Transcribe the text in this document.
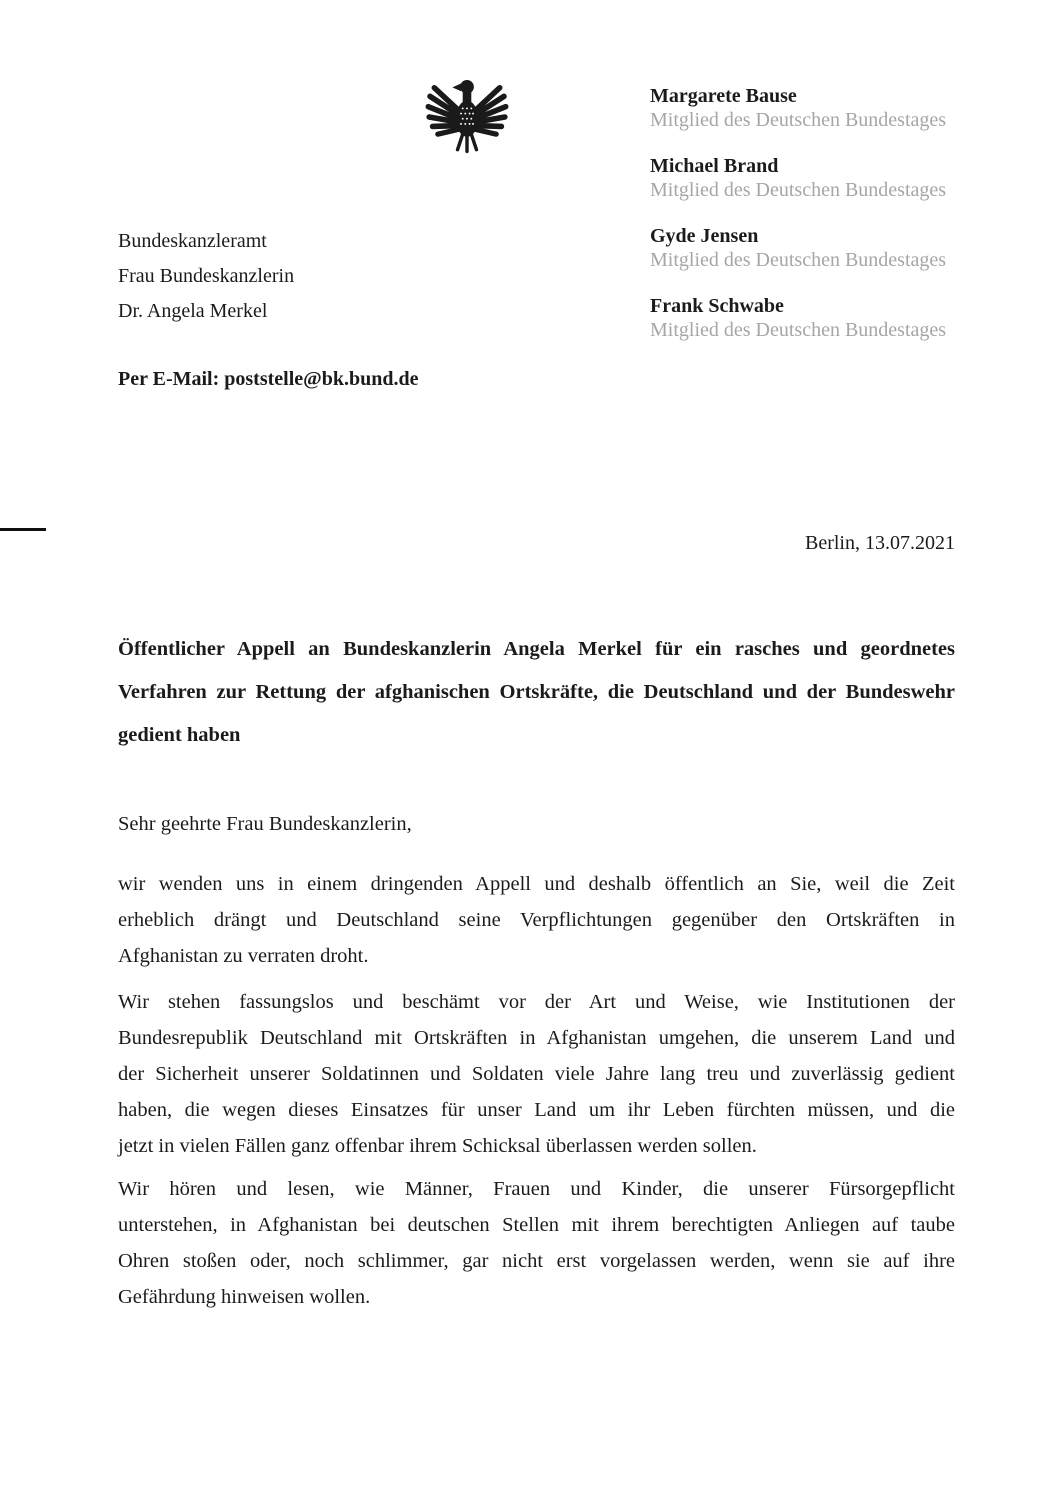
Margarete Bause
Mitglied des Deutschen Bundestages
Michael Brand
Mitglied des Deutschen Bundestages
Gyde Jensen
Mitglied des Deutschen Bundestages
Frank Schwabe
Mitglied des Deutschen Bundestages
Bundeskanzleramt
Frau Bundeskanzlerin
Dr. Angela Merkel
Per E-Mail: poststelle@bk.bund.de
Berlin, 13.07.2021
Öffentlicher Appell an Bundeskanzlerin Angela Merkel für ein rasches und geordnetes
Verfahren zur Rettung der afghanischen Ortskräfte, die Deutschland und der Bundeswehr
gedient haben
Sehr geehrte Frau Bundeskanzlerin,
wir wenden uns in einem dringenden Appell und deshalb öffentlich an Sie, weil die Zeit
erheblich drängt und Deutschland seine Verpflichtungen gegenüber den Ortskräften in
Afghanistan zu verraten droht.
Wir stehen fassungslos und beschämt vor der Art und Weise, wie Institutionen der
Bundesrepublik Deutschland mit Ortskräften in Afghanistan umgehen, die unserem Land und
der Sicherheit unserer Soldatinnen und Soldaten viele Jahre lang treu und zuverlässig gedient
haben, die wegen dieses Einsatzes für unser Land um ihr Leben fürchten müssen, und die
jetzt in vielen Fällen ganz offenbar ihrem Schicksal überlassen werden sollen.
Wir hören und lesen, wie Männer, Frauen und Kinder, die unserer Fürsorgepflicht
unterstehen, in Afghanistan bei deutschen Stellen mit ihrem berechtigten Anliegen auf taube
Ohren stoßen oder, noch schlimmer, gar nicht erst vorgelassen werden, wenn sie auf ihre
Gefährdung hinweisen wollen.
